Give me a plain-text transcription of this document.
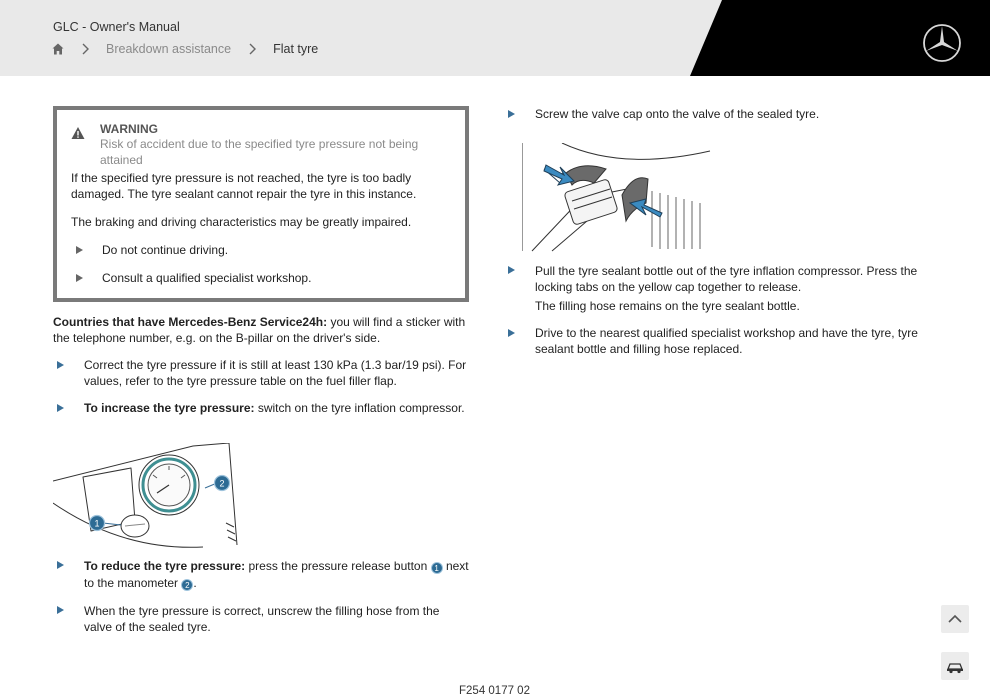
GLC - Owner's Manual
Breakdown assistance	Flat tyre
WARNING
Risk of accident due to the specified tyre pressure not being attained
If the specified tyre pressure is not reached, the tyre is too badly damaged. The tyre sealant cannot repair the tyre in this instance.
The braking and driving characteristics may be greatly impaired.
Do not continue driving.
Consult a qualified specialist workshop.
Countries that have Mercedes-Benz Service24h: you will find a sticker with the telephone number, e.g. on the B-pillar on the driver's side.
Correct the tyre pressure if it is still at least 130 kPa (1.3 bar/19 psi). For values, refer to the tyre pressure table on the fuel filler flap.
To increase the tyre pressure: switch on the tyre inflation compressor.
1
2
To reduce the tyre pressure: press the pressure release button 1 next to the manometer 2 .
When the tyre pressure is correct, unscrew the filling hose from the valve of the sealed tyre.
Screw the valve cap onto the valve of the sealed tyre.
Pull the tyre sealant bottle out of the tyre inflation compressor. Press the locking tabs on the yellow cap together to release.
The filling hose remains on the tyre sealant bottle.
Drive to the nearest qualified specialist workshop and have the tyre, tyre sealant bottle and filling hose replaced.
F254 0177 02
